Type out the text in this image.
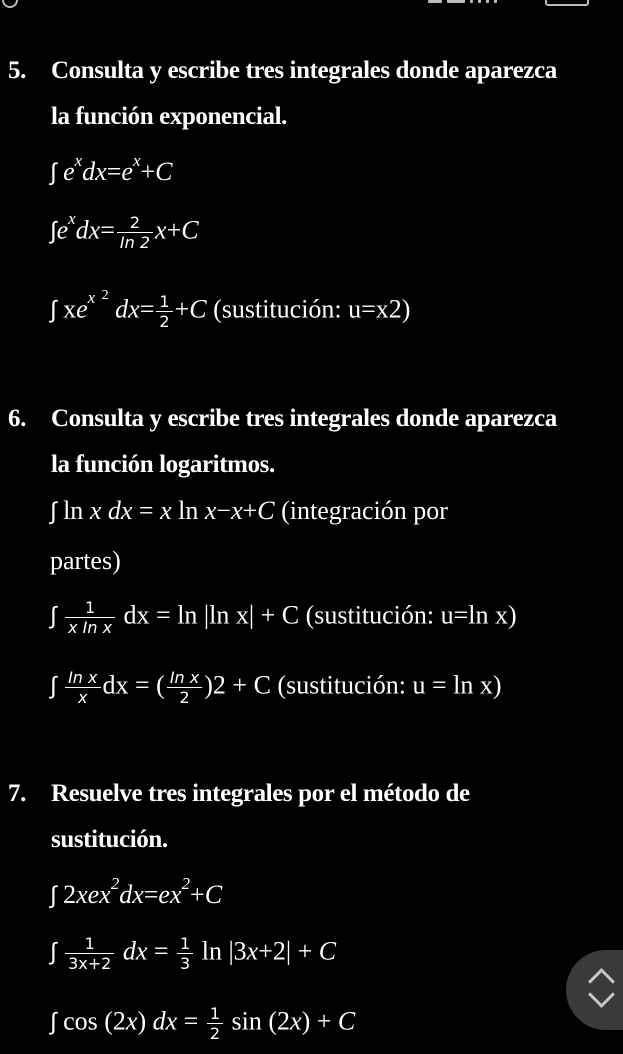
5. Consulta y escribe tres integrales donde aparezca
la función exponencial.
∫ $e^xdx=e^x+C$
$\int e^xdx= \frac{2}{In 2} x+C$
∫ $xe^x$ $^2$ $dx= \frac{1}{2} +C$ (sustitución: u=x2)
6. Consulta y escribe tres integrales donde aparezca
la función logaritmos.
∫ ln x dx = x ln x−x+C (integración por
partes)
∫ $\frac{1}{\text{x In x}}$ dx = ln |ln x| + C (sustitución: u=ln x)
∫ $\frac{\text{In x}}{x}$ dx = ( $\frac{\text{In x}}{2} )2 + C$ (sustitución: u = ln x)
7. Resuelve tres integrales por el método de
sustitución.
∫ $2xex^2dx=ex^2+C$
∫ $\frac{1}{3x+2}$ dx = $\frac{1}{3}$ ln |3x+2| + C
∫ cos (2x) dx = $\frac{1}{2}$ sin (2x) + C
